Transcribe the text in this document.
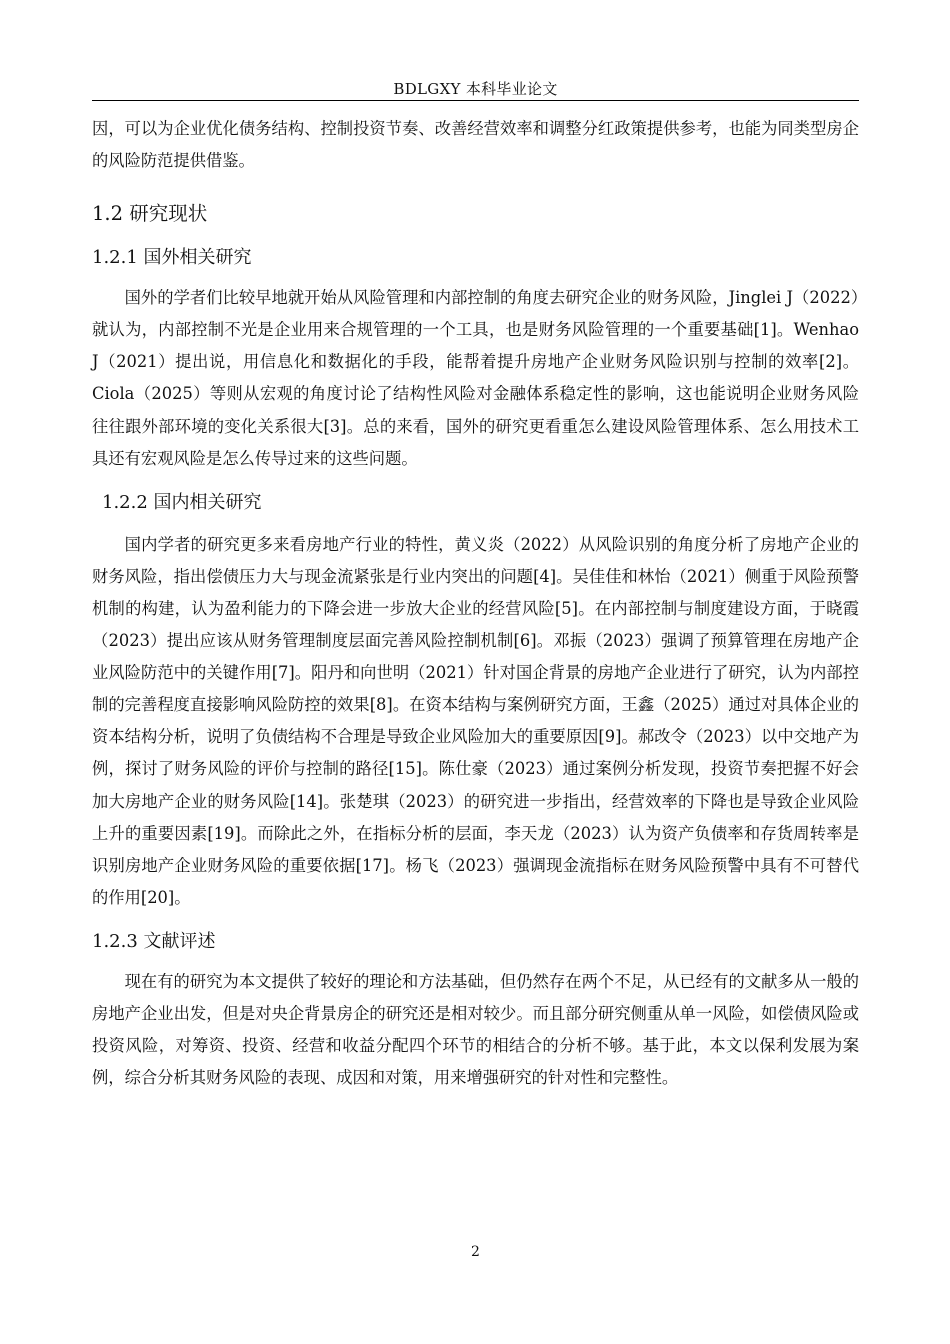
BDLGXY 本科毕业论文

因，可以为企业优化债务结构、控制投资节奏、改善经营效率和调整分红政策提供参考，也能为同类型房企的风险防范提供借鉴。

1.2 研究现状
1.2.1 国外相关研究

国外的学者们比较早地就开始从风险管理和内部控制的角度去研究企业的财务风险，Jinglei J（2022）就认为，内部控制不光是企业用来合规管理的一个工具，也是财务风险管理的一个重要基础[1]。Wenhao J（2021）提出说，用信息化和数据化的手段，能帮着提升房地产企业财务风险识别与控制的效率[2]。Ciola（2025）等则从宏观的角度讨论了结构性风险对金融体系稳定性的影响，这也能说明企业财务风险往往跟外部环境的变化关系很大[3]。总的来看，国外的研究更看重怎么建设风险管理体系、怎么用技术工具还有宏观风险是怎么传导过来的这些问题。

1.2.2 国内相关研究

国内学者的研究更多来看房地产行业的特性，黄义炎（2022）从风险识别的角度分析了房地产企业的财务风险，指出偿债压力大与现金流紧张是行业内突出的问题[4]。吴佳佳和林怡（2021）侧重于风险预警机制的构建，认为盈利能力的下降会进一步放大企业的经营风险[5]。在内部控制与制度建设方面，于晓霞（2023）提出应该从财务管理制度层面完善风险控制机制[6]。邓振（2023）强调了预算管理在房地产企业风险防范中的关键作用[7]。阳丹和向世明（2021）针对国企背景的房地产企业进行了研究，认为内部控制的完善程度直接影响风险防控的效果[8]。在资本结构与案例研究方面，王鑫（2025）通过对具体企业的资本结构分析，说明了负债结构不合理是导致企业风险加大的重要原因[9]。郝改令（2023）以中交地产为例，探讨了财务风险的评价与控制的路径[15]。陈仕豪（2023）通过案例分析发现，投资节奏把握不好会加大房地产企业的财务风险[14]。张楚琪（2023）的研究进一步指出，经营效率的下降也是导致企业风险上升的重要因素[19]。而除此之外，在指标分析的层面，李天龙（2023）认为资产负债率和存货周转率是识别房地产企业财务风险的重要依据[17]。杨飞（2023）强调现金流指标在财务风险预警中具有不可替代的作用[20]。

1.2.3 文献评述

现在有的研究为本文提供了较好的理论和方法基础，但仍然存在两个不足，从已经有的文献多从一般的房地产企业出发，但是对央企背景房企的研究还是相对较少。而且部分研究侧重从单一风险，如偿债风险或投资风险，对筹资、投资、经营和收益分配四个环节的相结合的分析不够。基于此，本文以保利发展为案例，综合分析其财务风险的表现、成因和对策，用来增强研究的针对性和完整性。

2
